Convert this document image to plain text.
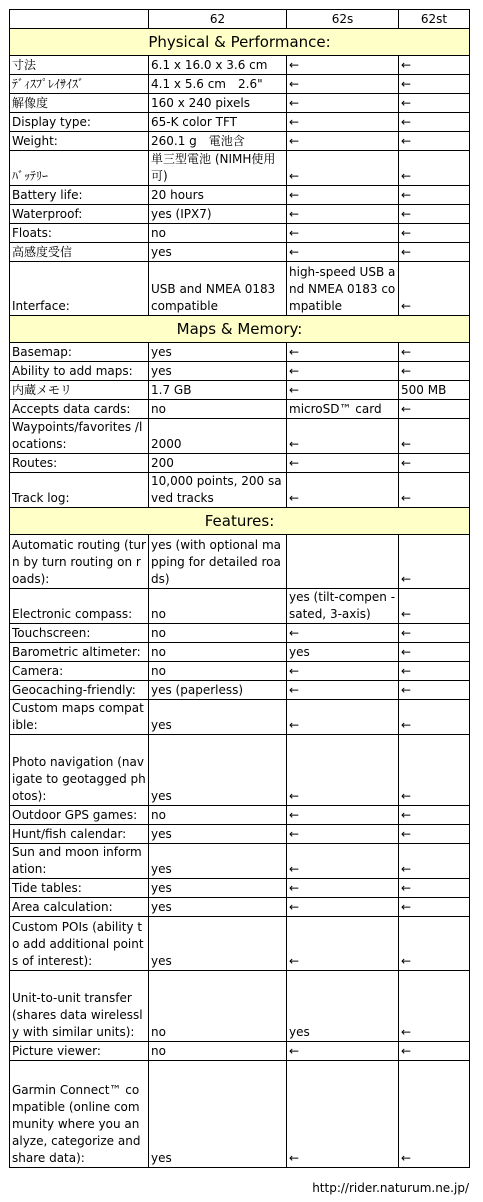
	62	62s	62st
Physical & Performance:			
寸法	6.1 x 16.0 x 3.6 cm	←	←
ﾃﾞｨｽﾌﾟﾚｲｻｲｽﾞ	4.1 x 5.6 cm　2.6"	←	←
解像度	160 x 240 pixels	←	←
Display type:	65-K color TFT	←	←
Weight:	260.1 g　電池含	←	←
ﾊﾞｯﾃﾘｰ	単三型電池 (NIMH使用可)	←	←
Battery life:	20 hours	←	←
Waterproof:	yes (IPX7)	←	←
Floats:	no	←	←
高感度受信	yes	←	←
Interface:	USB and NMEA 0183 compatible	high-speed USB and NMEA 0183 compatible	←
Maps & Memory:			
Basemap:	yes	←	←
Ability to add maps:	yes	←	←
内蔵メモリ	1.7 GB	←	500 MB
Accepts data cards:	no	microSD™ card	←
Waypoints/favorites /locations:	2000	←	←
Routes:	200	←	←
Track log:	10,000 points, 200 saved tracks	←	←
Features:			
Automatic routing (turn by turn routing on roads):	yes (with optional mapping for detailed roads)		←
Electronic compass:	no	yes (tilt-compen -sated, 3-axis)	←
Touchscreen:	no	←	←
Barometric altimeter:	no	yes	←
Camera:	no	←	←
Geocaching-friendly:	yes (paperless)	←	←
Custom maps compatible:	yes	←	←
Photo navigation (navigate to geotagged photos):	yes	←	←
Outdoor GPS games:	no	←	←
Hunt/fish calendar:	yes	←	←
Sun and moon information:	yes	←	←
Tide tables:	yes	←	←
Area calculation:	yes	←	←
Custom POIs (ability to add additional points of interest):	yes	←	←
Unit-to-unit transfer (shares data wirelessly with similar units):	no	yes	←
Picture viewer:	no	←	←
Garmin Connect™ compatible (online community where you analyze, categorize and share data):	yes	←	←
http://rider.naturum.ne.jp/
